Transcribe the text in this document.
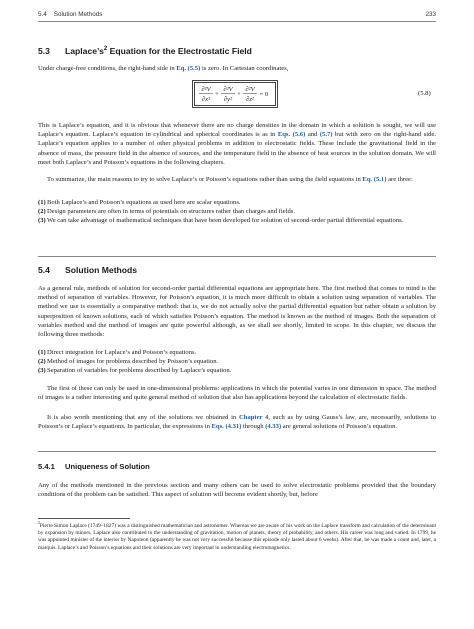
5.4 Solution Methods	233
5.3 $Laplace’s^2$ Equation for the Electrostatic Field
Under charge-free conditions, the right-hand side in Eq. (5.5) is zero. In Cartesian coordinates,
∂²V
∂x²
+
∂²V
∂y²
+
∂²V
∂z²
= 0	(5.8)
This is Laplace’s equation, and it is obvious that whenever there are no charge densities in the domain in which a solution is sought, we will use Laplace’s equation. Laplace’s equation in cylindrical and spherical coordinates is as in Eqs. (5.6) and (5.7) but with zero on the right-hand side. Laplace’s equation applies to a number of other physical problems in addition to electrostatic fields. These include the gravitational field in the absence of mass, the pressure field in the absence of sources, and the temperature field in the absence of heat sources in the solution domain. We will meet both Laplace’s and Poisson’s equations in the following chapters.
To summarize, the main reasons to try to solve Laplace’s or Poisson’s equations rather than using the field equations in Eq. (5.1) are three:
(1) Both Laplace’s and Poisson’s equations as used here are scalar equations.
(2) Design parameters are often in terms of potentials on structures rather than charges and fields.
(3) We can take advantage of mathematical techniques that have been developed for solution of second-order partial differential equations.
5.4 Solution Methods
As a general rule, methods of solution for second-order partial differential equations are appropriate here. The first method that comes to mind is the method of separation of variables. However, for Poisson’s equation, it is much more difficult to obtain a solution using separation of variables. The method we use is essentially a comparative method: that is, we do not actually solve the partial differential equation but rather obtain a solution by superposition of known solutions, each of which satisfies Poisson’s equation. The method is known as the method of images. Both the separation of variables method and the method of images are quite powerful although, as we shall see shortly, limited in scope. In this chapter, we discuss the following three methods:
(1) Direct integration for Laplace’s and Poisson’s equations.
(2) Method of images for problems described by Poisson’s equation.
(3) Separation of variables for problems described by Laplace’s equation.
The first of these can only be used in one-dimensional problems: applications in which the potential varies in one dimension in space. The method of images is a rather interesting and quite general method of solution that also has applications beyond the calculation of electrostatic fields.
It is also worth mentioning that any of the solutions we obtained in Chapter 4, such as by using Gauss’s law, are, necessarily, solutions to Poisson’s or Laplace’s equations. In particular, the expressions in Eqs. (4.31) through (4.33) are general solutions of Poisson’s equation.
5.4.1 Uniqueness of Solution
Any of the methods mentioned in the previous section and many others can be used to solve electrostatic problems provided that the boundary conditions of the problem can be satisfied. This aspect of solution will become evident shortly, but, before
$^2$Pierre Simon Laplace (1749–1827) was a distinguished mathematician and astronomer. Whereas we are aware of his work on the Laplace transform and calculation of the determinant by expansion by minors, Laplace also contributed to the understanding of gravitation, motion of planets, theory of probability, and others. His career was long and varied. In 1799, he was appointed minister of the interior by Napoleon (apparently he was not very successful because this episode only lasted about 6 weeks). After that, he was made a count and, later, a marquis. Laplace’s and Poisson’s equations and their solutions are very important in understanding electromagnetics.
